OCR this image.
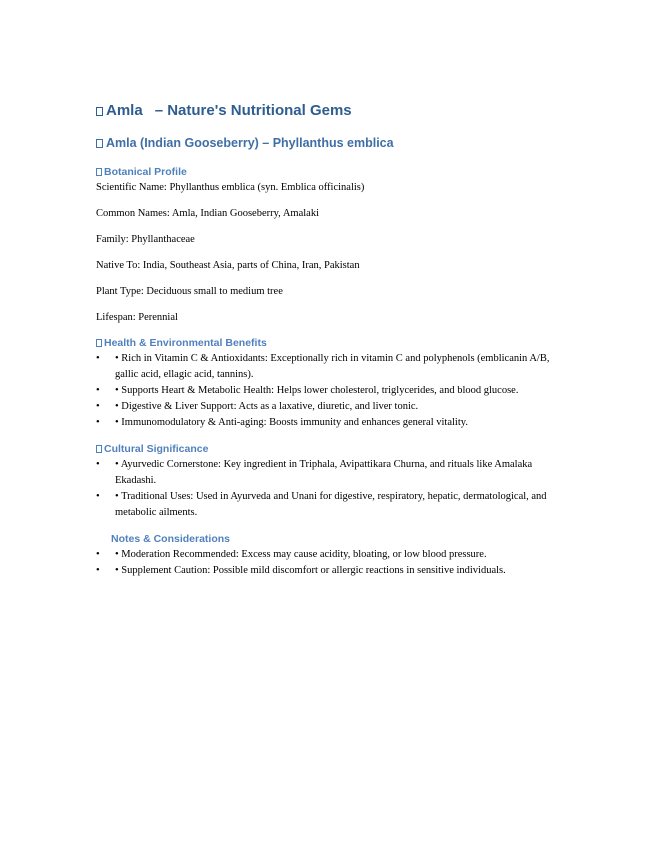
Amla – Nature's Nutritional Gems
Amla (Indian Gooseberry) – Phyllanthus emblica
Botanical Profile

Scientific Name: Phyllanthus emblica (syn. Emblica officinalis)

Common Names: Amla, Indian Gooseberry, Amalaki

Family: Phyllanthaceae

Native To: India, Southeast Asia, parts of China, Iran, Pakistan

Plant Type: Deciduous small to medium tree

Lifespan: Perennial

Health & Environmental Benefits
• • Rich in Vitamin C & Antioxidants: Exceptionally rich in vitamin C and polyphenols (emblicanin A/B, gallic acid, ellagic acid, tannins).
• • Supports Heart & Metabolic Health: Helps lower cholesterol, triglycerides, and blood glucose.
• • Digestive & Liver Support: Acts as a laxative, diuretic, and liver tonic.
• • Immunomodulatory & Anti-aging: Boosts immunity and enhances general vitality.
Cultural Significance
• • Ayurvedic Cornerstone: Key ingredient in Triphala, Avipattikara Churna, and rituals like Amalaka Ekadashi.
• • Traditional Uses: Used in Ayurveda and Unani for digestive, respiratory, hepatic, dermatological, and metabolic ailments.
Notes & Considerations
• • Moderation Recommended: Excess may cause acidity, bloating, or low blood pressure.
• • Supplement Caution: Possible mild discomfort or allergic reactions in sensitive individuals.
